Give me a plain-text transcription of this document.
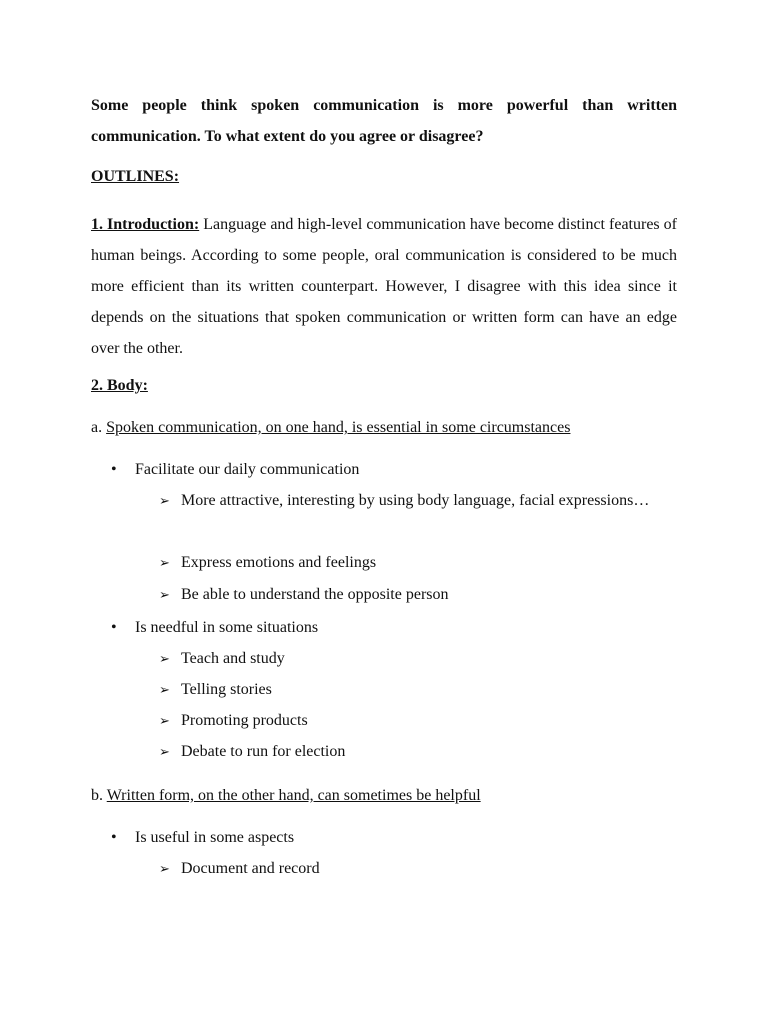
Some people think spoken communication is more powerful than written communication. To what extent do you agree or disagree?

OUTLINES:

1. Introduction: Language and high-level communication have become distinct features of human beings. According to some people, oral communication is considered to be much more efficient than its written counterpart. However, I disagree with this idea since it depends on the situations that spoken communication or written form can have an edge over the other.

2. Body:

a. Spoken communication, on one hand, is essential in some circumstances

•	Facilitate our daily communication

➢ More attractive, interesting by using body language, facial expressions…

➢ Express emotions and feelings

➢ Be able to understand the opposite person

•	Is needful in some situations

➢ Teach and study

➢ Telling stories

➢ Promoting products

➢ Debate to run for election

b. Written form, on the other hand, can sometimes be helpful

•	Is useful in some aspects

➢ Document and record
